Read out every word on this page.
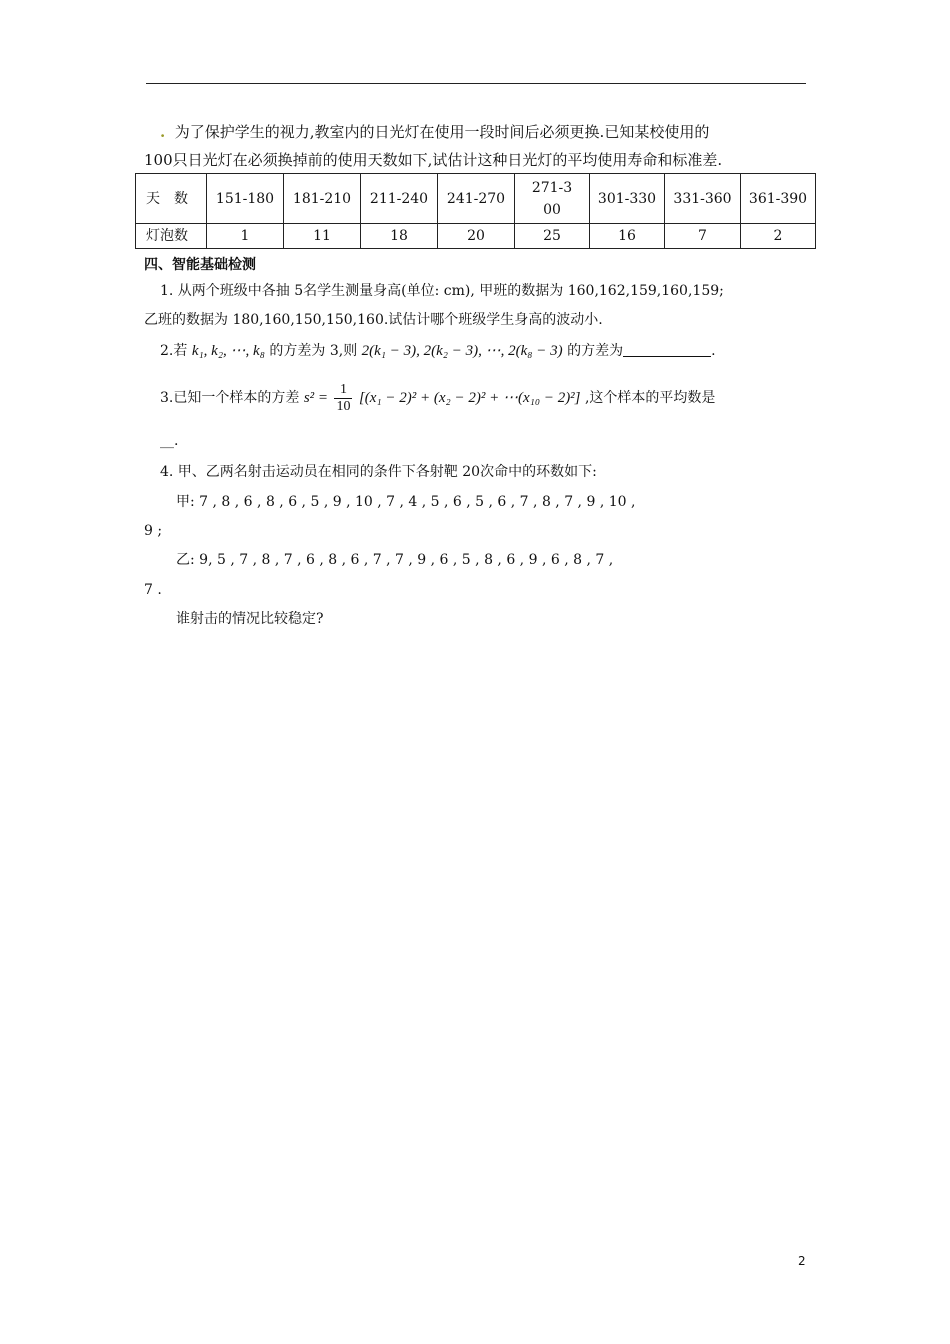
. 为了保护学生的视力,教室内的日光灯在使用一段时间后必须更换.已知某校使用的
100只日光灯在必须换掉前的使用天数如下,试估计这种日光灯的平均使用寿命和标准差.
天　数	151-180	181-210	211-240	241-270	271-300	301-330	331-360	361-390
灯泡数	1	11	18	20	25	16	7	2
四、智能基础检测
1. 从两个班级中各抽 5名学生测量身高(单位: cm), 甲班的数据为 160,162,159,160,159;
乙班的数据为 180,160,150,150,160.试估计哪个班级学生身高的波动小.
2.若 k₁, k₂, ⋯, k₈ 的方差为 3,则 2(k₁ − 3), 2(k₂ − 3), ⋯, 2(k₈ − 3) 的方差为	.
3.已知一个样本的方差 $s^2 = \frac{1}{10} [(x_1 - 2)^2 + (x_2 - 2)^2$ + ⋯(x₁₀ − 2)²] ,这个样本的平均数是
__.
4. 甲、乙两名射击运动员在相同的条件下各射靶 20次命中的环数如下:
甲: 7 , 8 , 6 , 8 , 6 , 5 , 9 , 10 , 7 , 4 , 5 , 6 , 5 , 6 , 7 , 8 , 7 , 9 , 10 ,
9 ;
乙: 9, 5 , 7 , 8 , 7 , 6 , 8 , 6 , 7 , 7 , 9 , 6 , 5 , 8 , 6 , 9 , 6 , 8 , 7 ,
7 .
谁射击的情况比较稳定?
2
